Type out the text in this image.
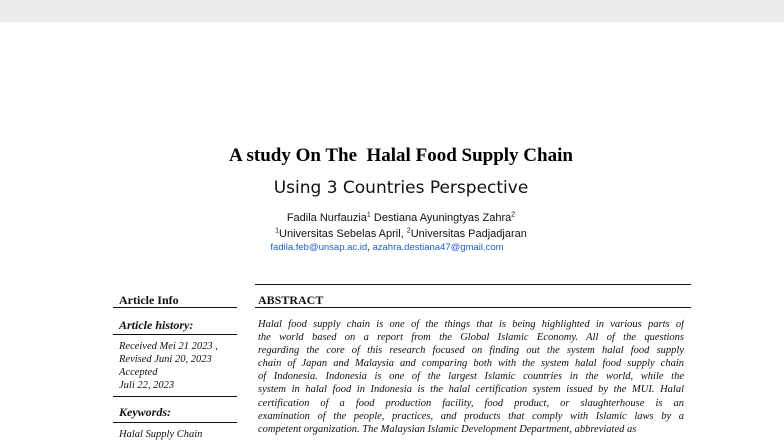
A study On The  Halal Food Supply Chain
Using 3 Countries Perspective
Fadila Nurfauzia$^1$ Destiana Ayuningtyas Zahra$^2$
$^1$Universitas Sebelas April, $^2$Universitas Padjadjaran
fadila.feb@unsap.ac.id, azahra.destiana47@gmail.com
Article Info	ABSTRACT
Article history:
Received Mei 21 2023 ,
Revised Juni 20, 2023
Accepted
Juli 22, 2023
Keywords:
Halal Supply Chain
Halal food supply chain is one of the things that is being highlighted in various parts of
the world based on a report from the Global Islamic Economy. All of the questions
regarding the core of this research focused on finding out the system halal food supply
chain of Japan and Malaysia and comparing both with the system halal food supply chain
of Indonesia. Indonesia is one of the largest Islamic countries in the world, while the
system in halal food in Indonesia is the halal certification system issued by the MUI. Halal
certification of a food production facility, food product, or slaughterhouse is an
examination of the people, practices, and products that comply with Islamic laws by a
competent organization. The Malaysian Islamic Development Department, abbreviated as
